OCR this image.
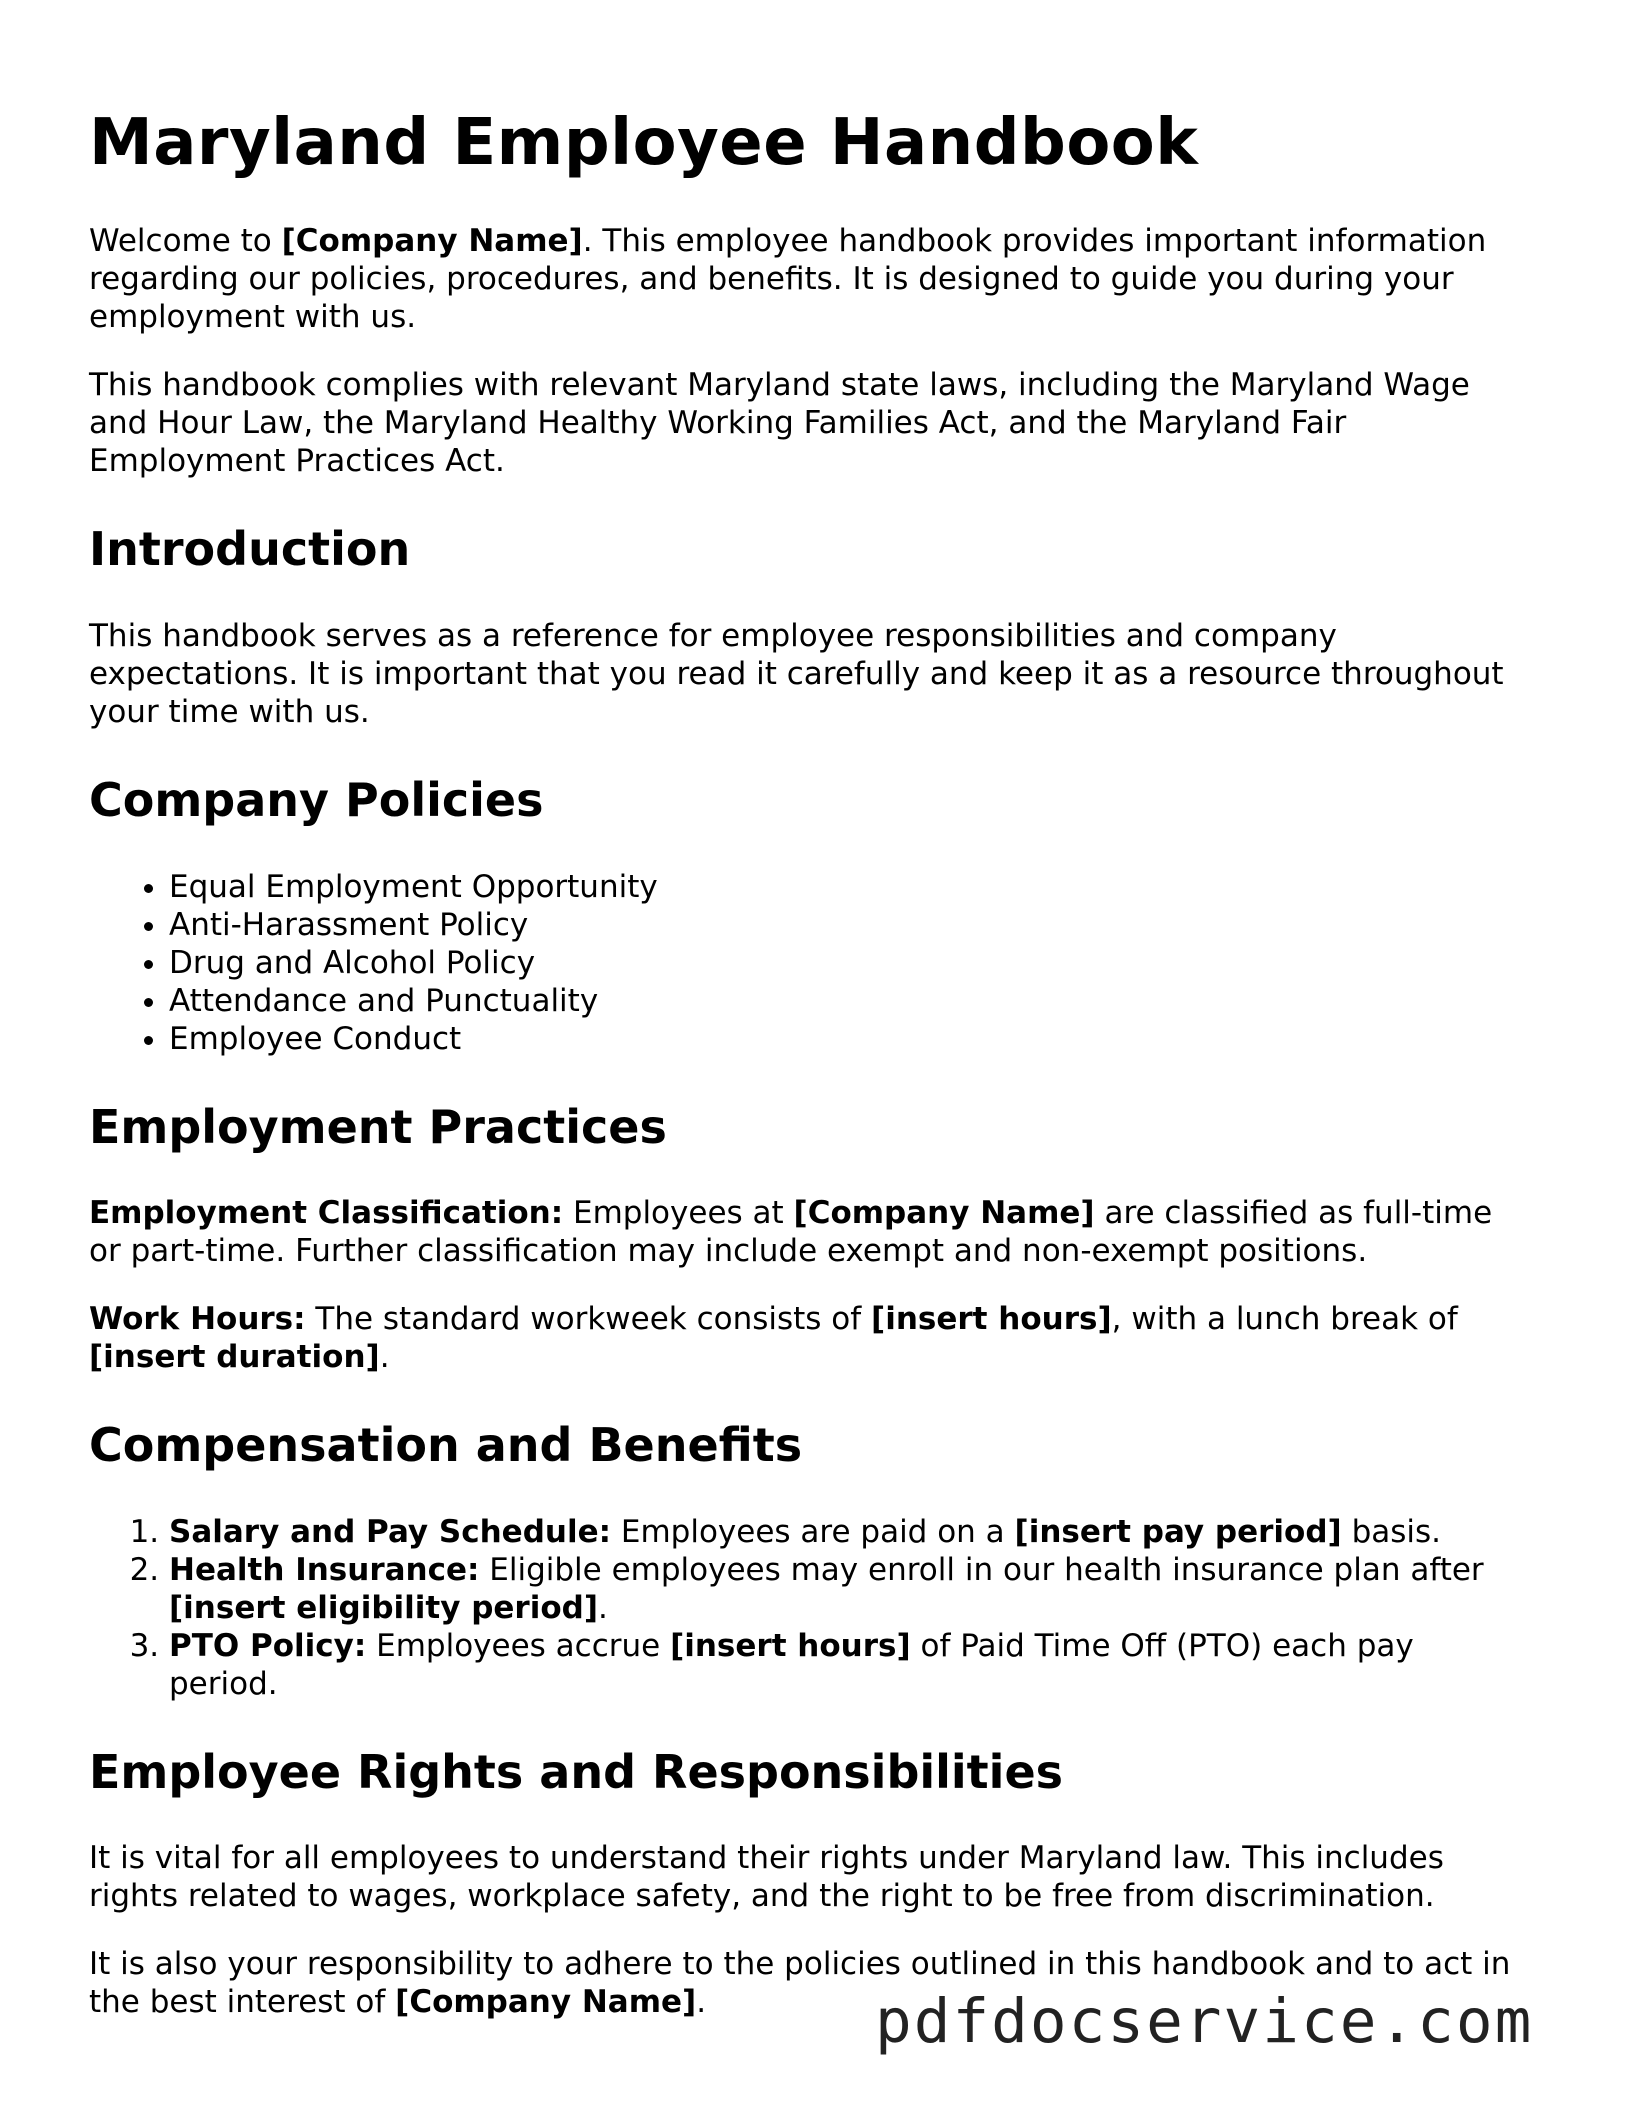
Maryland Employee Handbook

Welcome to [Company Name]. This employee handbook provides important information regarding our policies, procedures, and benefits. It is designed to guide you during your employment with us.

This handbook complies with relevant Maryland state laws, including the Maryland Wage and Hour Law, the Maryland Healthy Working Families Act, and the Maryland Fair Employment Practices Act.

Introduction

This handbook serves as a reference for employee responsibilities and company expectations. It is important that you read it carefully and keep it as a resource throughout your time with us.

Company Policies
• Equal Employment Opportunity
• Anti-Harassment Policy
• Drug and Alcohol Policy
• Attendance and Punctuality
• Employee Conduct
Employment Practices

Employment Classification: Employees at [Company Name] are classified as full-time or part-time. Further classification may include exempt and non-exempt positions.

Work Hours: The standard workweek consists of [insert hours], with a lunch break of [insert duration].

Compensation and Benefits
1. Salary and Pay Schedule: Employees are paid on a [insert pay period] basis.
2. Health Insurance: Eligible employees may enroll in our health insurance plan after [insert eligibility period].
3. PTO Policy: Employees accrue [insert hours] of Paid Time Off (PTO) each pay period.
Employee Rights and Responsibilities

It is vital for all employees to understand their rights under Maryland law. This includes rights related to wages, workplace safety, and the right to be free from discrimination.

It is also your responsibility to adhere to the policies outlined in this handbook and to act in the best interest of [Company Name].	pdfdocservice.com
